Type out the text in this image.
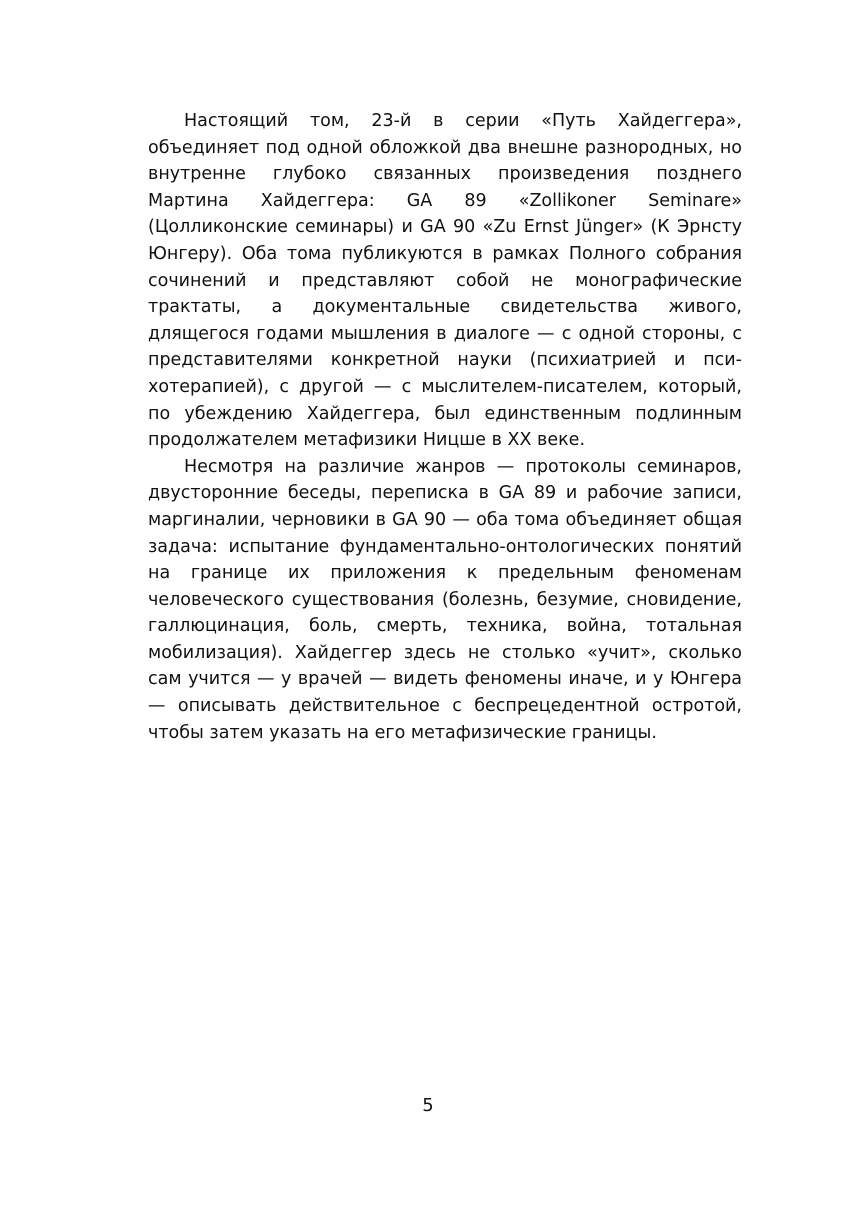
Настоящий том, 23-й в серии «Путь Хайдеггера», объединяет под одной обложкой два внешне разнородных, но внутренне глубоко связанных произведения позднего Мартина Хайдеггера: GA 89 «Zollikoner Seminare» (Цолликонские семинары) и GA 90 «Zu Ernst Jünger» (К Эрнсту Юнгеру). Оба тома публикуются в рамках Полного собрания сочинений и представляют собой не монографические трактаты, а документальные свидетельства живого, длящегося годами мышления в диалоге — с одной стороны, с представителями конкретной науки (психиатрией и психотерапией), с другой — с мыслителем-писателем, который, по убеждению Хайдеггера, был единственным подлинным продолжателем метафизики Ницше в XX веке.

Несмотря на различие жанров — протоколы семинаров, двусторонние беседы, переписка в GA 89 и рабочие записи, маргиналии, черновики в GA 90 — оба тома объединяет общая задача: испытание фундаментально-онтологических понятий на границе их приложения к предельным феноменам человеческого существования (болезнь, безумие, сновидение, галлюцинация, боль, смерть, техника, война, тотальная мобилизация). Хайдеггер здесь не столько «учит», сколько сам учится — у врачей — видеть феномены иначе, и у Юнгера — описывать действительное с беспрецедентной остротой, чтобы затем указать на его метафизические границы.

5
